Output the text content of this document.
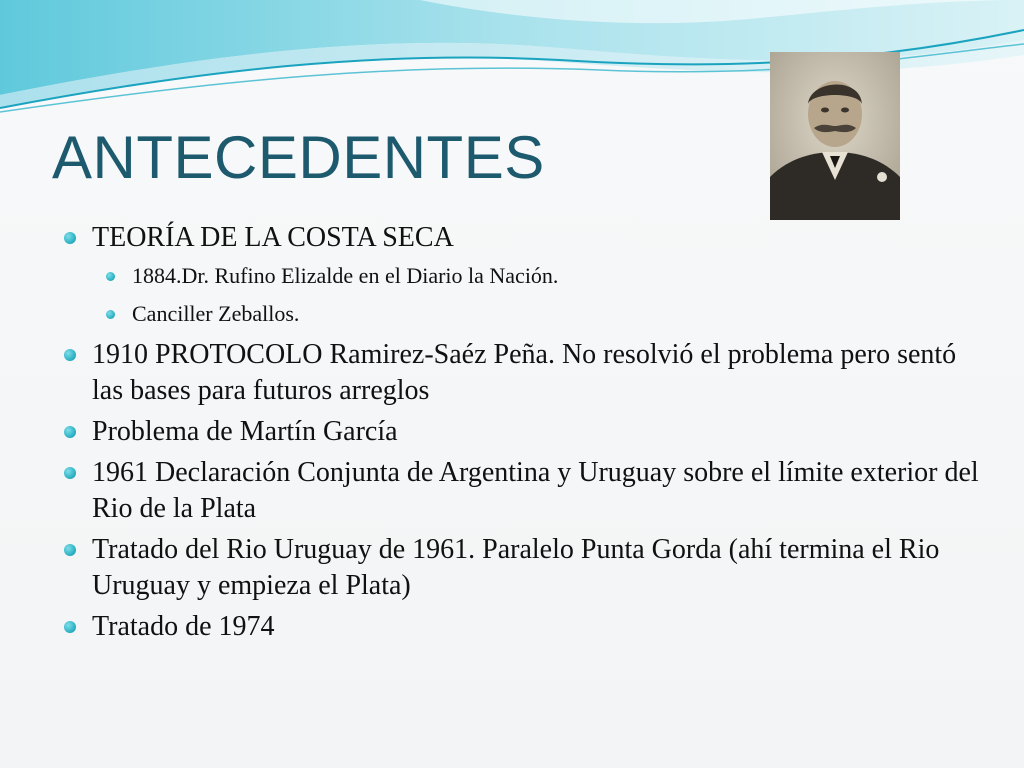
ANTECEDENTES
TEORÍA DE LA COSTA SECA
1884.Dr. Rufino Elizalde en el Diario la Nación.
Canciller Zeballos.
1910 PROTOCOLO Ramirez-Saéz Peña. No resolvió el problema pero sentó las bases para futuros arreglos
Problema de Martín García
1961 Declaración Conjunta de Argentina y Uruguay sobre el límite exterior del Rio de la Plata
Tratado del Rio Uruguay de 1961. Paralelo Punta Gorda (ahí termina el Rio Uruguay y empieza el Plata)
Tratado de 1974
